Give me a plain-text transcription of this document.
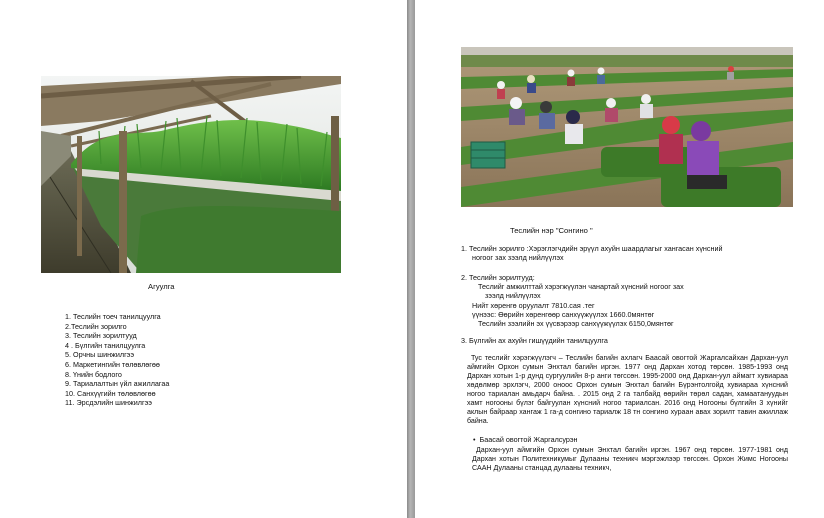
Агуулга
1. Теслийн тоеч танилцуулга
2.Теслийн зорилго
3. Теслийн зорилтууд
4 . Бүлгийн танилцуулга
5. Орчны шинжилгээ
6. Маркетингийн төлөвлөгөө
8. Үнийн бодлого
9. Тариалалтын үйл ажиллагаа
10. Санхүүгийн төлөвлөгөө
11. Эрсдэлийн шинжилгээ
Теслийн нэр "Сонгино "
1. Теслийн зорилго :Хэрэглэгчдийн эрүүл ахуйн шаардлагыг хангасан хүнсний
ногоог зах зээлд нийлүүлэх
2. Теслийн зорилтууд:
Теслийг амжилттай хэрэгжүүлэн чанартай хүнсний ногоог зах
зээлд нийлүүлэх
Нийт хөренгө оруулалт 7810.сая .тег
үүнээс: Өөрийн хөренгөөр санхүүжүүлэх 1660.0мянтөг
Теслийн зээлийн эх үүсвэрээр санхүүжүүлэх 6150,0мянтөг
3. Бүлгийн ах ахуйн гишүүдийн танилцуулга
Тус теслийг хэрэгжүүлэгч – Теслийн багийн ахлагч Баасай овогтой Жаргалсайхан Дархан-уул аймгийн Орхон сумын Энхтал багийн иргэн. 1977 онд Дархан хотод төрсөн. 1985-1993 онд Дархан хотын 1-р дунд сургуулийн 8-р анги төгссөн. 1995-2000 онд Дархан-уул аймагт хувиараа хөдөлмөр эрхлэгч, 2000 оноос Орхон сумын Энхтал багийн Бүрэнтолгойд хувиараа хүнсний ногоо тариалан амьдарч байна. . 2015 онд 2 га талбайд өөрийн төрөл садан, хамаатануудын хамт ногооны бүлэг байгуулан хүнсний ногоо тариалсан. 2016 онд Ногооны бүлгийн 3 хүнийг аклын байраар хангаж 1 га-д сонгино тариалж 18 тн сонгино хураан авах зорилт тавин ажиллаж байна.
•  Баасай овогтой Жаргалсурэн
Дархан-уул аймгийн Орхон сумын Энхтал багийн иргэн. 1967 онд төрсөн. 1977-1981 онд Дархан хотын Политехникумыг Дулааны техникч мэргэжлээр төгссөн. Орхон Жимс Ногооны СААН Дулааны станцад дулааны техникч,
